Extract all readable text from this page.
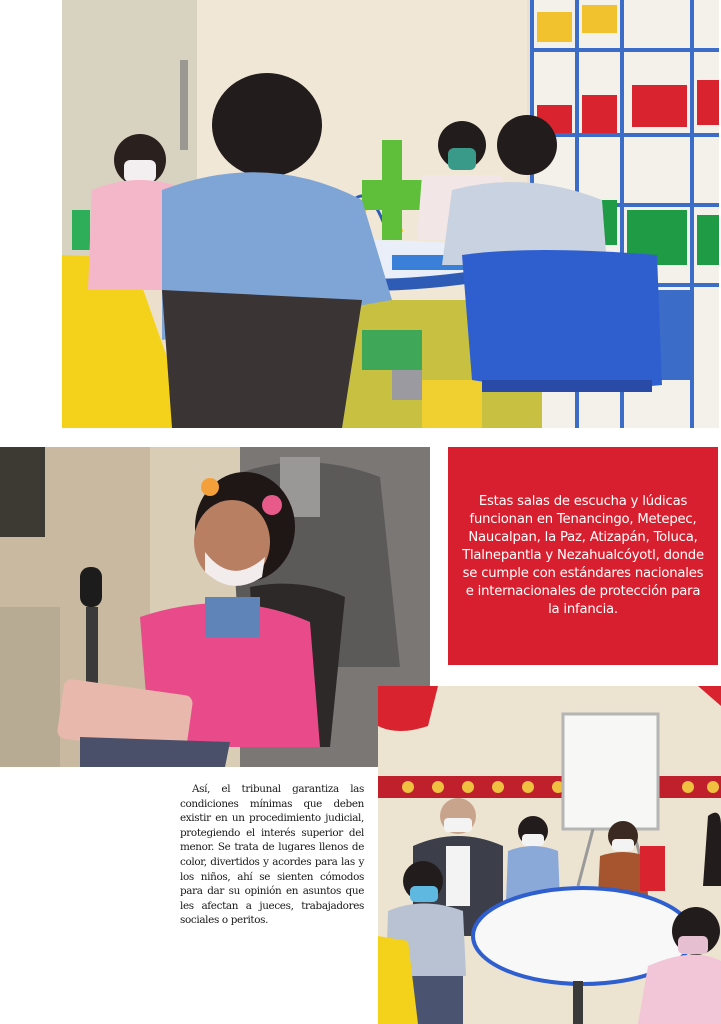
Estas salas de escucha y lúdicas funcionan en Tenancingo, Metepec, Naucalpan, la Paz, Atizapán, Toluca, Tlalnepantla y Nezahualcóyotl, donde se cumple con estándares nacionales e internacionales de protección para la infancia.

Así, el tribunal garantiza las condiciones mínimas que deben existir en un procedimiento judicial, protegiendo el interés superior del menor. Se trata de lugares llenos de color, divertidos y acordes para las y los niños, ahí se sienten cómodos para dar su opinión en asuntos que les afectan a jueces, trabajadores sociales o peritos.
